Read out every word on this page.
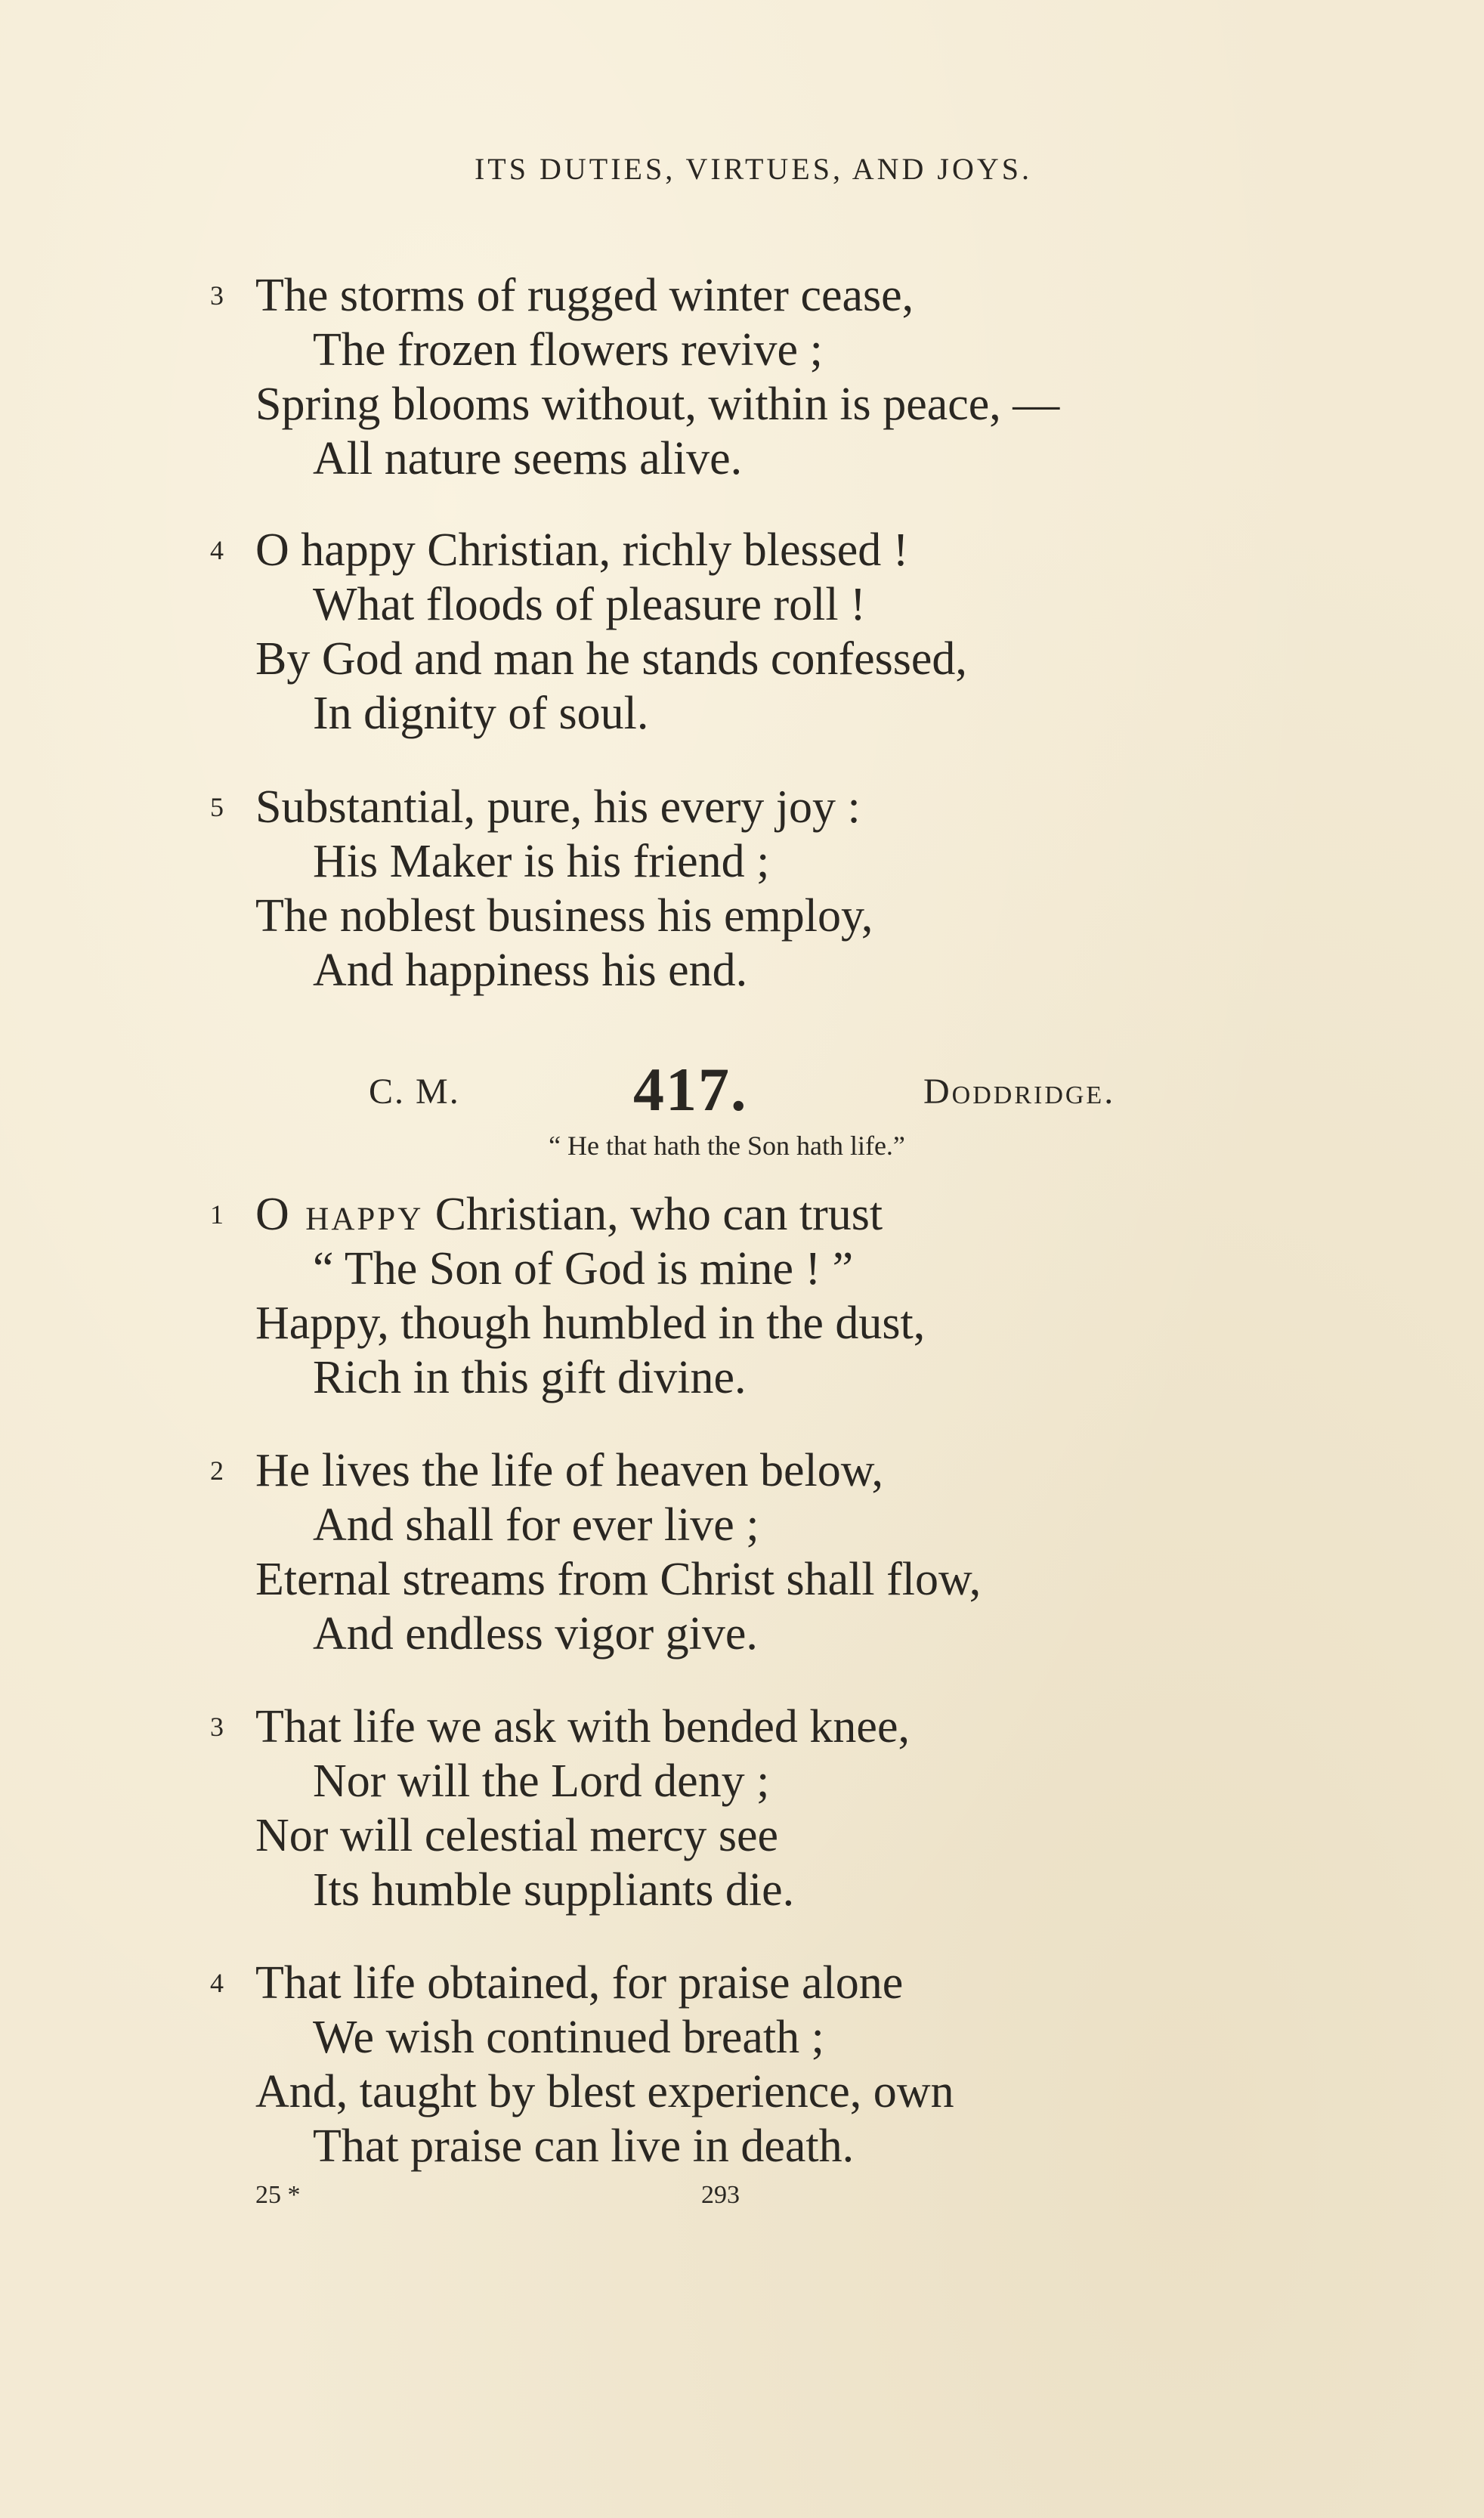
ITS DUTIES, VIRTUES, AND JOYS.
3 The storms of rugged winter cease,
The frozen flowers revive ;
Spring blooms without, within is peace, —
All nature seems alive.
4 O happy Christian, richly blessed !
What floods of pleasure roll !
By God and man he stands confessed,
In dignity of soul.
5 Substantial, pure, his every joy :
His Maker is his friend ;
The noblest business his employ,
And happiness his end.
C. M.	417.	Doddridge.
“ He that hath the Son hath life.”
1 O happy Christian, who can trust
“ The Son of God is mine ! ”
Happy, though humbled in the dust,
Rich in this gift divine.
2 He lives the life of heaven below,
And shall for ever live ;
Eternal streams from Christ shall flow,
And endless vigor give.
3 That life we ask with bended knee,
Nor will the Lord deny ;
Nor will celestial mercy see
Its humble suppliants die.
4 That life obtained, for praise alone
We wish continued breath ;
And, taught by blest experience, own
That praise can live in death.
25 *	293
